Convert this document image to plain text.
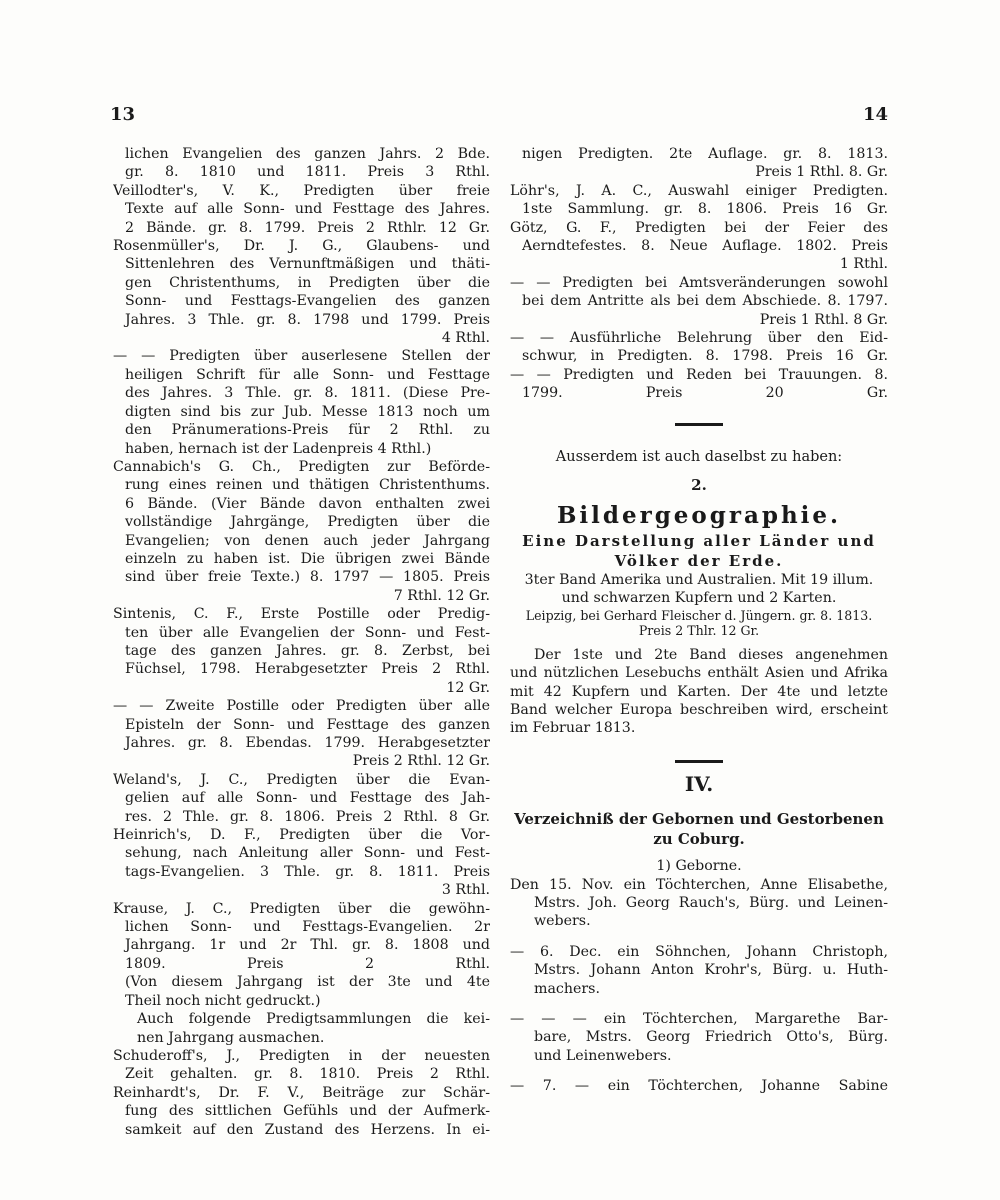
13	14
lichen Evangelien des ganzen Jahrs. 2 Bde.
gr. 8. 1810 und 1811. Preis 3 Rthl.
Veillodter's, V. K., Predigten über freie
Texte auf alle Sonn- und Festtage des Jahres.
2 Bände. gr. 8. 1799. Preis 2 Rthlr. 12 Gr.
Rosenmüller's, Dr. J. G., Glaubens- und
Sittenlehren des Vernunftmäßigen und thäti-
gen Christenthums, in Predigten über die
Sonn- und Festtags-Evangelien des ganzen
Jahres. 3 Thle. gr. 8. 1798 und 1799. Preis
4 Rthl.
— — Predigten über auserlesene Stellen der
heiligen Schrift für alle Sonn- und Festtage
des Jahres. 3 Thle. gr. 8. 1811. (Diese Pre-
digten sind bis zur Jub. Messe 1813 noch um
den Pränumerations-Preis für 2 Rthl. zu
haben, hernach ist der Ladenpreis 4 Rthl.)
Cannabich's G. Ch., Predigten zur Beförde-
rung eines reinen und thätigen Christenthums.
6 Bände. (Vier Bände davon enthalten zwei
vollständige Jahrgänge, Predigten über die
Evangelien; von denen auch jeder Jahrgang
einzeln zu haben ist. Die übrigen zwei Bände
sind über freie Texte.) 8. 1797 — 1805. Preis
7 Rthl. 12 Gr.
Sintenis, C. F., Erste Postille oder Predig-
ten über alle Evangelien der Sonn- und Fest-
tage des ganzen Jahres. gr. 8. Zerbst, bei
Füchsel, 1798. Herabgesetzter Preis 2 Rthl.
12 Gr.
— — Zweite Postille oder Predigten über alle
Episteln der Sonn- und Festtage des ganzen
Jahres. gr. 8. Ebendas. 1799. Herabgesetzter
Preis 2 Rthl. 12 Gr.
Weland's, J. C., Predigten über die Evan-
gelien auf alle Sonn- und Festtage des Jah-
res. 2 Thle. gr. 8. 1806. Preis 2 Rthl. 8 Gr.
Heinrich's, D. F., Predigten über die Vor-
sehung, nach Anleitung aller Sonn- und Fest-
tags-Evangelien. 3 Thle. gr. 8. 1811. Preis
3 Rthl.
Krause, J. C., Predigten über die gewöhn-
lichen Sonn- und Festtags-Evangelien. 2r
Jahrgang. 1r und 2r Thl. gr. 8. 1808 und
1809. Preis 2 Rthl.
(Von diesem Jahrgang ist der 3te und 4te
Theil noch nicht gedruckt.)
Auch folgende Predigtsammlungen die kei-
nen Jahrgang ausmachen.
Schuderoff's, J., Predigten in der neuesten
Zeit gehalten. gr. 8. 1810. Preis 2 Rthl.
Reinhardt's, Dr. F. V., Beiträge zur Schär-
fung des sittlichen Gefühls und der Aufmerk-
samkeit auf den Zustand des Herzens. In ei-
nigen Predigten. 2te Auflage. gr. 8. 1813.
Preis 1 Rthl. 8. Gr.
Löhr's, J. A. C., Auswahl einiger Predigten.
1ste Sammlung. gr. 8. 1806. Preis 16 Gr.
Götz, G. F., Predigten bei der Feier des
Aerndtefestes. 8. Neue Auflage. 1802. Preis
1 Rthl.
— — Predigten bei Amtsveränderungen sowohl
bei dem Antritte als bei dem Abschiede. 8. 1797.
Preis 1 Rthl. 8 Gr.
— — Ausführliche Belehrung über den Eid-
schwur, in Predigten. 8. 1798. Preis 16 Gr.
— — Predigten und Reden bei Trauungen. 8.
1799. Preis 20 Gr.
Ausserdem ist auch daselbst zu haben:
2.
Bildergeographie.
Eine Darstellung aller Länder und
Völker der Erde.
3ter Band Amerika und Australien. Mit 19 illum.
und schwarzen Kupfern und 2 Karten.
Leipzig, bei Gerhard Fleischer d. Jüngern. gr. 8. 1813.
Preis 2 Thlr. 12 Gr.
Der 1ste und 2te Band dieses angenehmen
und nützlichen Lesebuchs enthält Asien und Afrika
mit 42 Kupfern und Karten. Der 4te und letzte
Band welcher Europa beschreiben wird, erscheint
im Februar 1813.
IV.
Verzeichniß der Gebornen und Gestorbenen
zu Coburg.
1) Geborne.
Den 15. Nov. ein Töchterchen, Anne Elisabethe,
Mstrs. Joh. Georg Rauch's, Bürg. und Leinen-
webers.
— 6. Dec. ein Söhnchen, Johann Christoph,
Mstrs. Johann Anton Krohr's, Bürg. u. Huth-
machers.
— — — ein Töchterchen, Margarethe Bar-
bare, Mstrs. Georg Friedrich Otto's, Bürg.
und Leinenwebers.
— 7. — ein Töchterchen, Johanne Sabine
